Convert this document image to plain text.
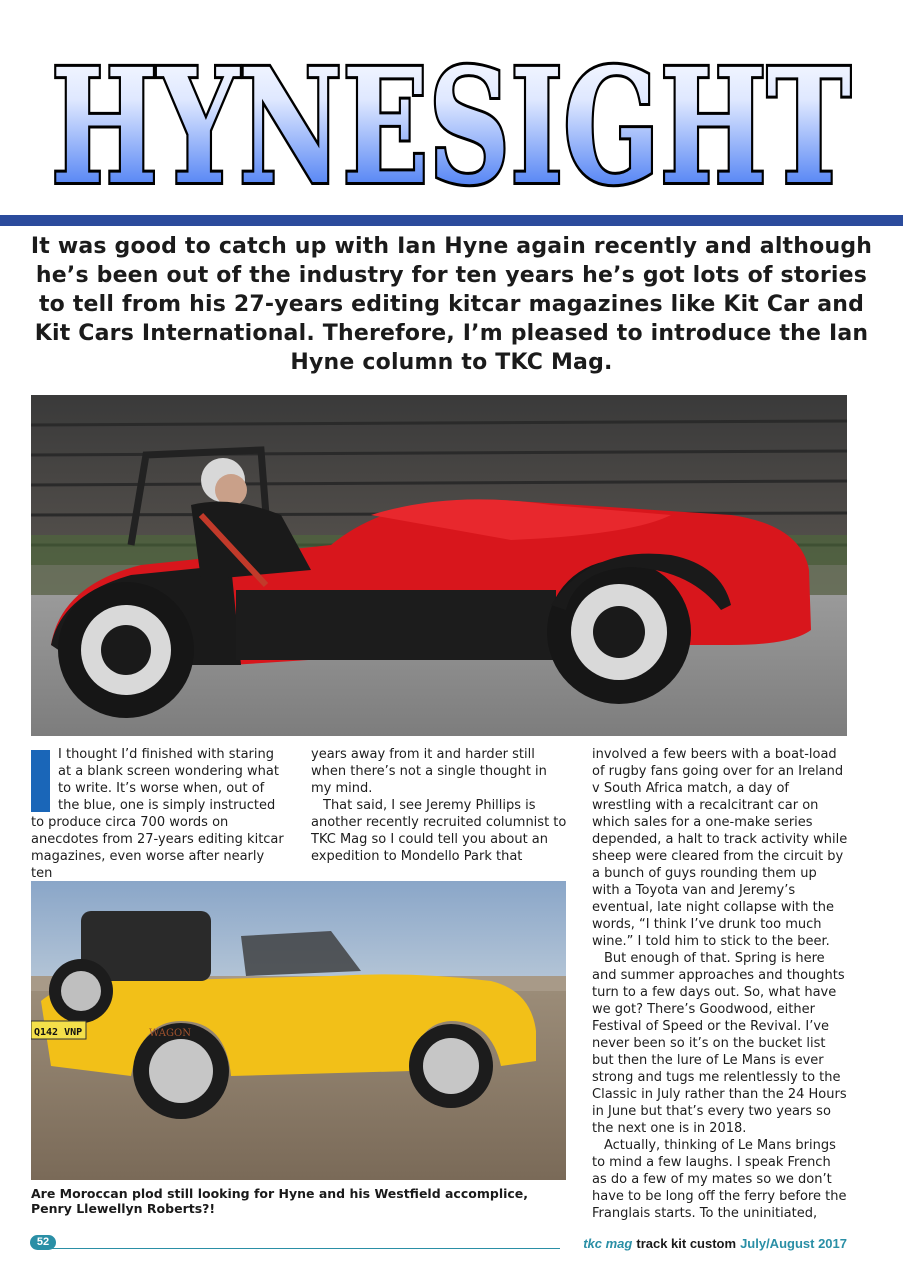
HYNESIGHT
It was good to catch up with Ian Hyne again recently and although he’s been out of the industry for ten years he’s got lots of stories to tell from his 27-years editing kitcar magazines like Kit Car and Kit Cars International. Therefore, I’m pleased to introduce the Ian Hyne column to TKC Mag.

I thought I’d finished with staring at a blank screen wondering what to write. It’s worse when, out of the blue, one is simply instructed to produce circa 700 words on anecdotes from 27-years editing kitcar magazines, even worse after nearly ten

years away from it and harder still when there’s not a single thought in my mind.

That said, I see Jeremy Phillips is another recently recruited columnist to TKC Mag so I could tell you about an expedition to Mondello Park that

involved a few beers with a boat-load of rugby fans going over for an Ireland v South Africa match, a day of wrestling with a recalcitrant car on which sales for a one-make series depended, a halt to track activity while sheep were cleared from the circuit by a bunch of guys rounding them up with a Toyota van and Jeremy’s eventual, late night collapse with the words, “I think I’ve drunk too much wine.” I told him to stick to the beer.

But enough of that. Spring is here and summer approaches and thoughts turn to a few days out. So, what have we got? There’s Goodwood, either Festival of Speed or the Revival. I’ve never been so it’s on the bucket list but then the lure of Le Mans is ever strong and tugs me relentlessly to the Classic in July rather than the 24 Hours in June but that’s every two years so the next one is in 2018.

Actually, thinking of Le Mans brings to mind a few laughs. I speak French as do a few of my mates so we don’t have to be long off the ferry before the Franglais starts. To the uninitiated,

Q142 VNP	WAGON
Are Moroccan plod still looking for Hyne and his Westfield accomplice, Penry Llewellyn Roberts?!
52	tkc mag track kit custom July/August 2017
